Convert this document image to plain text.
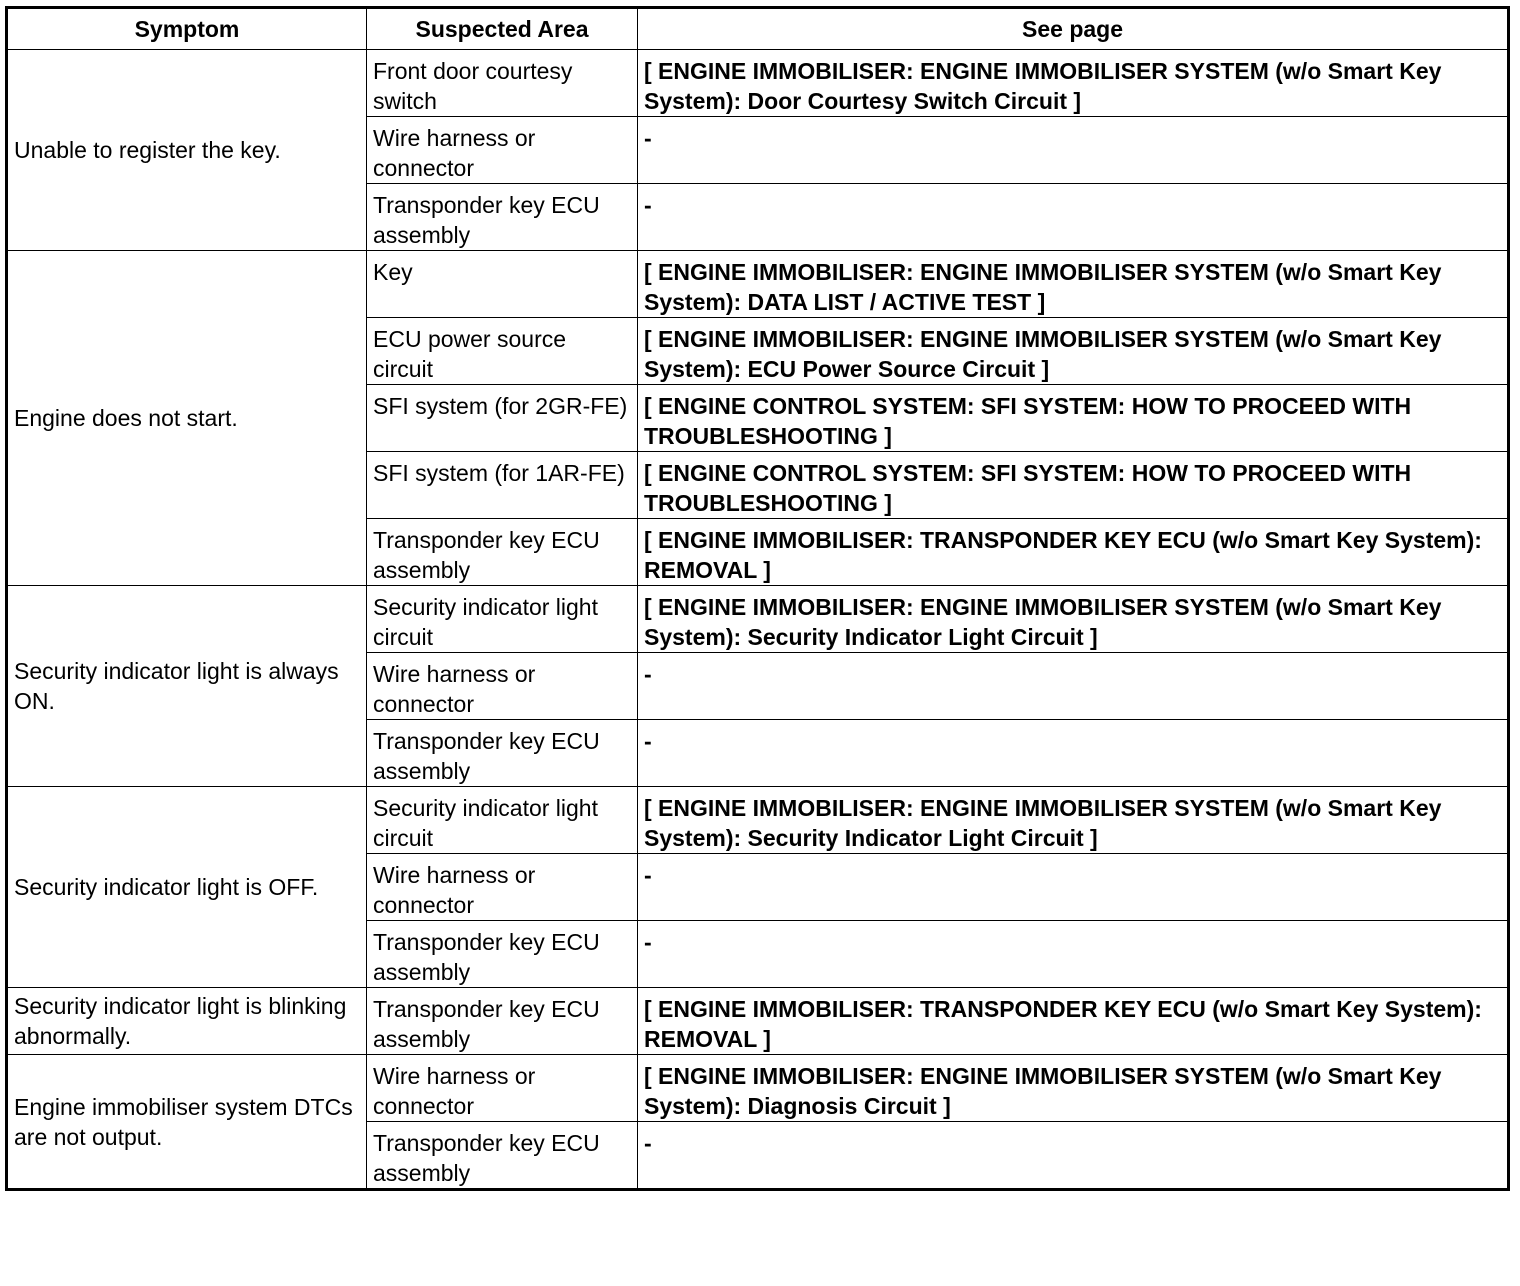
Symptom	Suspected Area	See page
Unable to register the key.	Front door courtesy switch	[ ENGINE IMMOBILISER: ENGINE IMMOBILISER SYSTEM (w/o Smart Key System): Door Courtesy Switch Circuit ]
	Wire harness or connector	-
	Transponder key ECU assembly	-
Engine does not start.	Key	[ ENGINE IMMOBILISER: ENGINE IMMOBILISER SYSTEM (w/o Smart Key System): DATA LIST / ACTIVE TEST ]
	ECU power source circuit	[ ENGINE IMMOBILISER: ENGINE IMMOBILISER SYSTEM (w/o Smart Key System): ECU Power Source Circuit ]
	SFI system (for 2GR-FE)	[ ENGINE CONTROL SYSTEM: SFI SYSTEM: HOW TO PROCEED WITH TROUBLESHOOTING ]
	SFI system (for 1AR-FE)	[ ENGINE CONTROL SYSTEM: SFI SYSTEM: HOW TO PROCEED WITH TROUBLESHOOTING ]
	Transponder key ECU assembly	[ ENGINE IMMOBILISER: TRANSPONDER KEY ECU (w/o Smart Key System): REMOVAL ]
Security indicator light is always ON.	Security indicator light circuit	[ ENGINE IMMOBILISER: ENGINE IMMOBILISER SYSTEM (w/o Smart Key System): Security Indicator Light Circuit ]
	Wire harness or connector	-
	Transponder key ECU assembly	-
Security indicator light is OFF.	Security indicator light circuit	[ ENGINE IMMOBILISER: ENGINE IMMOBILISER SYSTEM (w/o Smart Key System): Security Indicator Light Circuit ]
	Wire harness or connector	-
	Transponder key ECU assembly	-
Security indicator light is blinking abnormally.	Transponder key ECU assembly	[ ENGINE IMMOBILISER: TRANSPONDER KEY ECU (w/o Smart Key System): REMOVAL ]
Engine immobiliser system DTCs are not output.	Wire harness or connector	[ ENGINE IMMOBILISER: ENGINE IMMOBILISER SYSTEM (w/o Smart Key System): Diagnosis Circuit ]
	Transponder key ECU assembly	-
